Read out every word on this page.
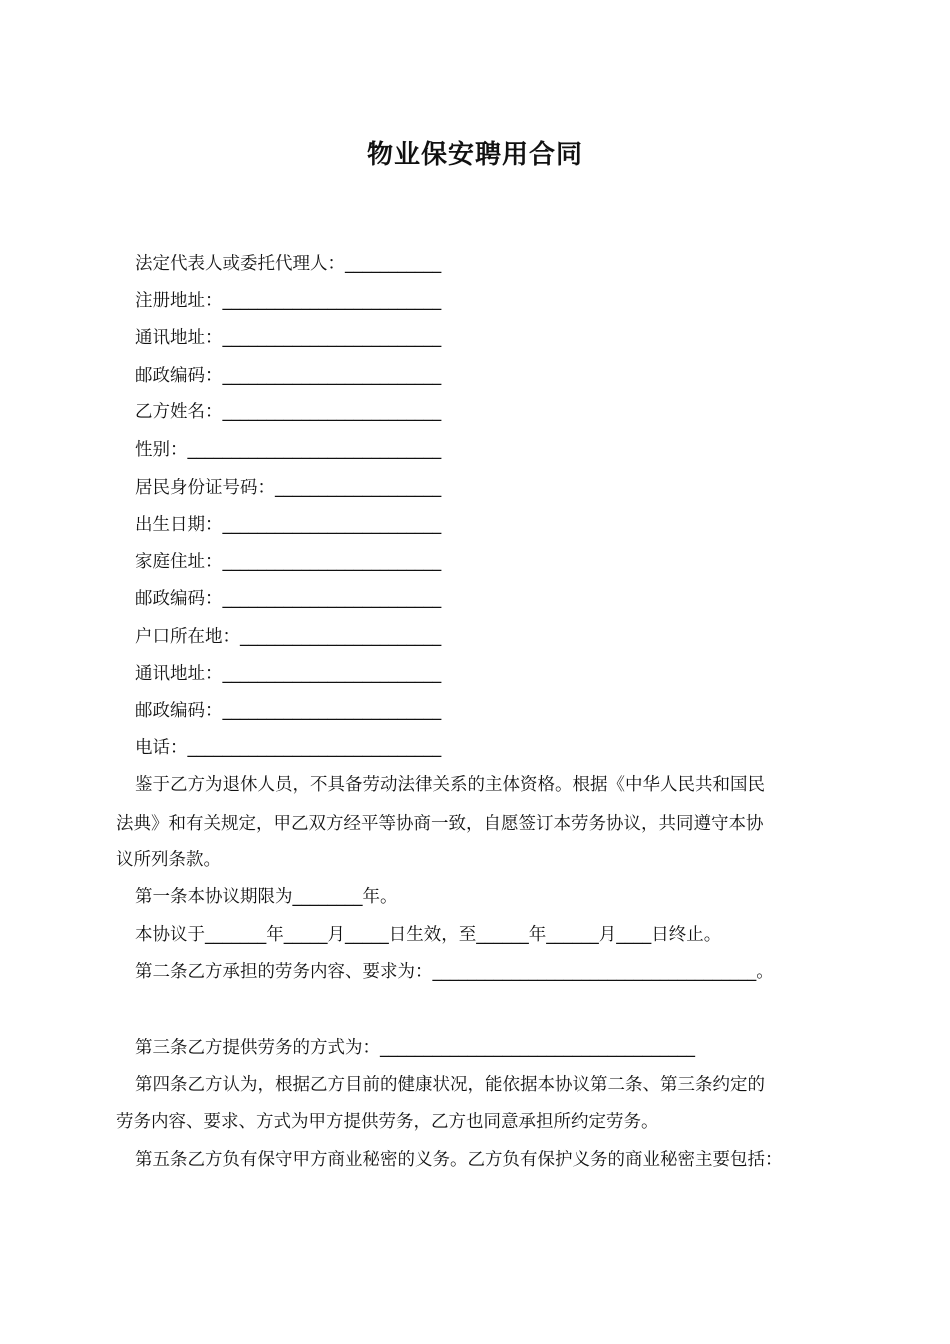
物业保安聘用合同
法定代表人或委托代理人：___________
注册地址：_________________________
通讯地址：_________________________
邮政编码：_________________________
乙方姓名：_________________________
性别：_____________________________
居民身份证号码：___________________
出生日期：_________________________
家庭住址：_________________________
邮政编码：_________________________
户口所在地：_______________________
通讯地址：_________________________
邮政编码：_________________________
电话：_____________________________
鉴于乙方为退休人员，不具备劳动法律关系的主体资格。根据《中华人民共和国民
法典》和有关规定，甲乙双方经平等协商一致，自愿签订本劳务协议，共同遵守本协
议所列条款。
第一条本协议期限为________年。
本协议于_______年_____月_____日生效，至______年______月____日终止。
第二条乙方承担的劳务内容、要求为：_____________________________________。
第三条乙方提供劳务的方式为：____________________________________
第四条乙方认为，根据乙方目前的健康状况，能依据本协议第二条、第三条约定的
劳务内容、要求、方式为甲方提供劳务，乙方也同意承担所约定劳务。
第五条乙方负有保守甲方商业秘密的义务。乙方负有保护义务的商业秘密主要包括：
